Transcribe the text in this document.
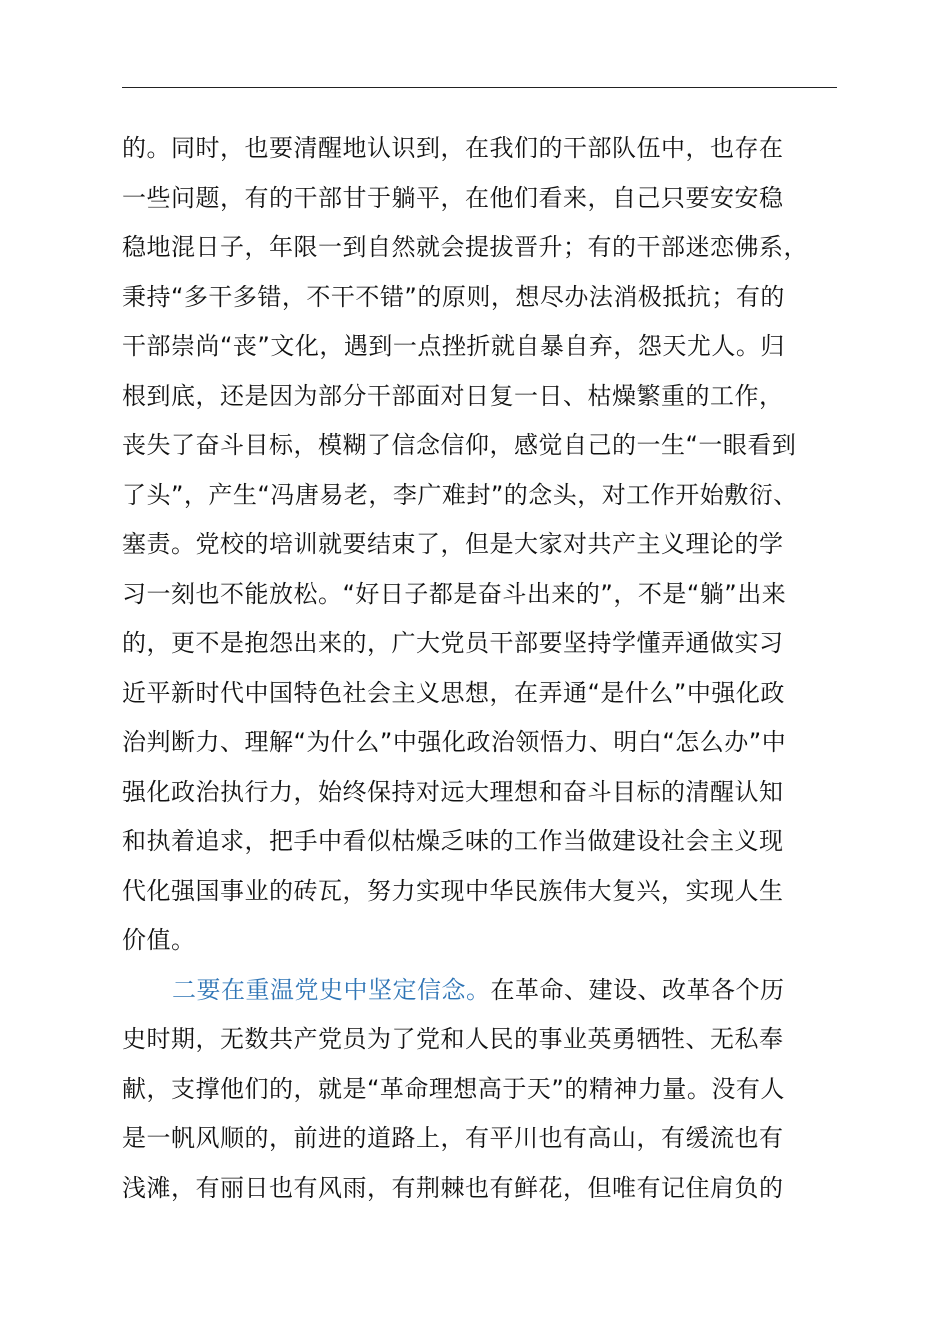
的。同时，也要清醒地认识到，在我们的干部队伍中，也存在
一些问题，有的干部甘于躺平，在他们看来，自己只要安安稳
稳地混日子，年限一到自然就会提拔晋升；有的干部迷恋佛系，
秉持“多干多错，不干不错”的原则，想尽办法消极抵抗；有的
干部崇尚“丧”文化，遇到一点挫折就自暴自弃，怨天尤人。归
根到底，还是因为部分干部面对日复一日、枯燥繁重的工作，
丧失了奋斗目标，模糊了信念信仰，感觉自己的一生“一眼看到
了头”，产生“冯唐易老，李广难封”的念头，对工作开始敷衍、
塞责。党校的培训就要结束了，但是大家对共产主义理论的学
习一刻也不能放松。“好日子都是奋斗出来的”，不是“躺”出来
的，更不是抱怨出来的，广大党员干部要坚持学懂弄通做实习
近平新时代中国特色社会主义思想，在弄通“是什么”中强化政
治判断力、理解“为什么”中强化政治领悟力、明白“怎么办”中
强化政治执行力，始终保持对远大理想和奋斗目标的清醒认知
和执着追求，把手中看似枯燥乏味的工作当做建设社会主义现
代化强国事业的砖瓦，努力实现中华民族伟大复兴，实现人生
价值。
二要在重温党史中坚定信念。在革命、建设、改革各个历
史时期，无数共产党员为了党和人民的事业英勇牺牲、无私奉
献，支撑他们的，就是“革命理想高于天”的精神力量。没有人
是一帆风顺的，前进的道路上，有平川也有高山，有缓流也有
浅滩，有丽日也有风雨，有荆棘也有鲜花，但唯有记住肩负的
